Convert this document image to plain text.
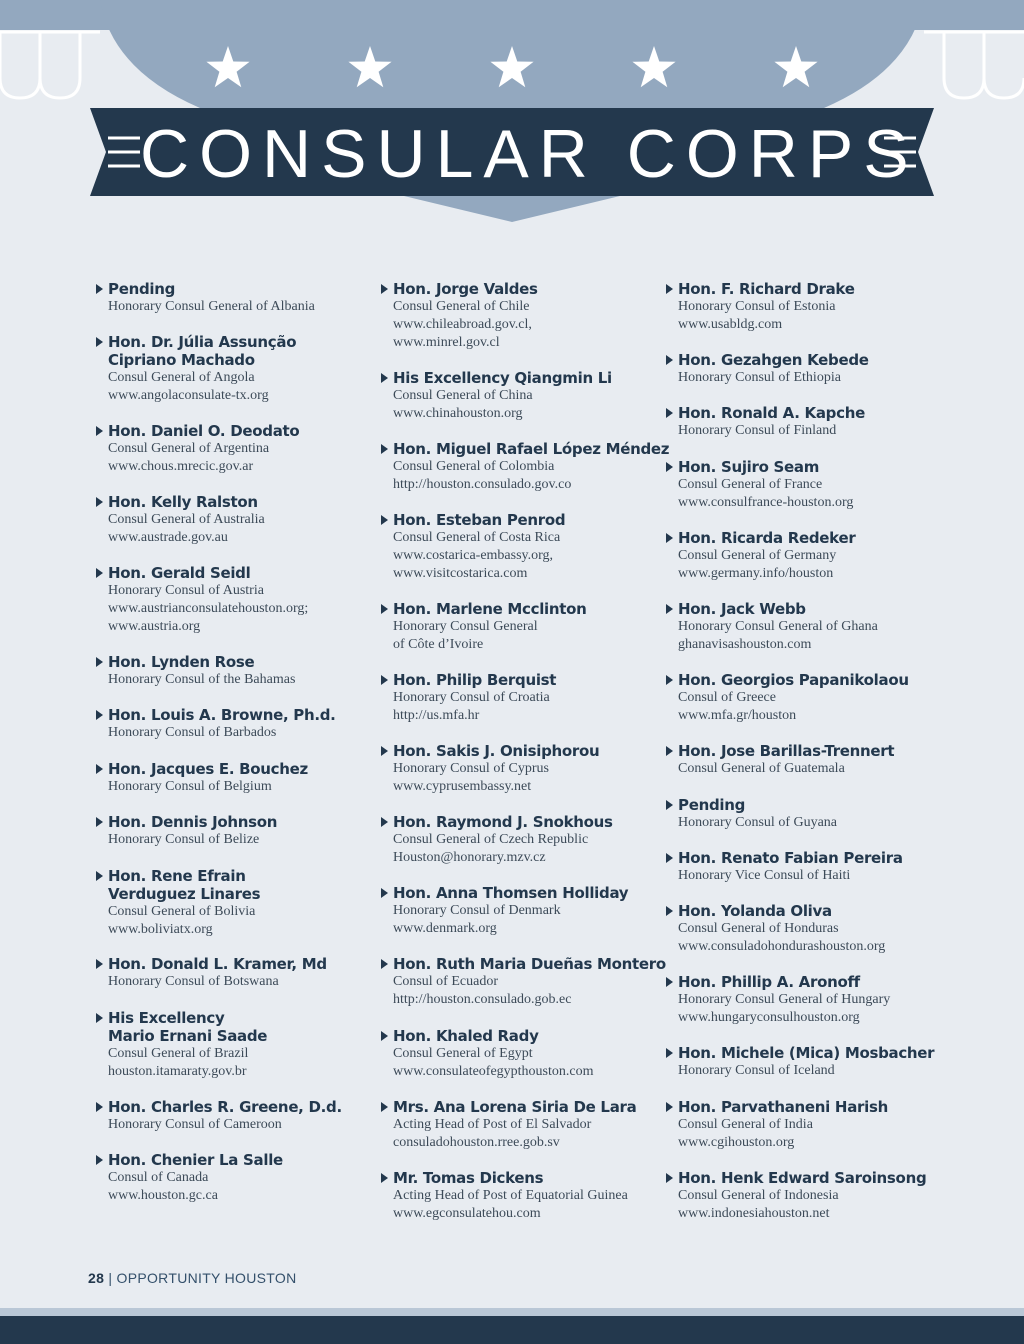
CONSULAR CORPS

Pending

Honorary Consul General of Albania

Hon. Dr. Júlia Assunção
Cipriano Machado

Consul General of Angola

www.angolaconsulate-tx.org

Hon. Daniel O. Deodato

Consul General of Argentina

www.chous.mrecic.gov.ar

Hon. Kelly Ralston

Consul General of Australia

www.austrade.gov.au

Hon. Gerald Seidl

Honorary Consul of Austria

www.austrianconsulatehouston.org;

www.austria.org

Hon. Lynden Rose

Honorary Consul of the Bahamas

Hon. Louis A. Browne, Ph.d.

Honorary Consul of Barbados

Hon. Jacques E. Bouchez

Honorary Consul of Belgium

Hon. Dennis Johnson

Honorary Consul of Belize

Hon. Rene Efrain
Verduguez Linares

Consul General of Bolivia

www.boliviatx.org

Hon. Donald L. Kramer, Md

Honorary Consul of Botswana

His Excellency
Mario Ernani Saade

Consul General of Brazil

houston.itamaraty.gov.br

Hon. Charles R. Greene, D.d.

Honorary Consul of Cameroon

Hon. Chenier La Salle

Consul of Canada

www.houston.gc.ca

Hon. Jorge Valdes

Consul General of Chile

www.chileabroad.gov.cl,

www.minrel.gov.cl

His Excellency Qiangmin Li

Consul General of China

www.chinahouston.org

Hon. Miguel Rafael López Méndez

Consul General of Colombia

http://houston.consulado.gov.co

Hon. Esteban Penrod

Consul General of Costa Rica

www.costarica-embassy.org,

www.visitcostarica.com

Hon. Marlene Mcclinton

Honorary Consul General

of Côte d’Ivoire

Hon. Philip Berquist

Honorary Consul of Croatia

http://us.mfa.hr

Hon. Sakis J. Onisiphorou

Honorary Consul of Cyprus

www.cyprusembassy.net

Hon. Raymond J. Snokhous

Consul General of Czech Republic

Houston@honorary.mzv.cz

Hon. Anna Thomsen Holliday

Honorary Consul of Denmark

www.denmark.org

Hon. Ruth Maria Dueñas Montero

Consul of Ecuador

http://houston.consulado.gob.ec

Hon. Khaled Rady

Consul General of Egypt

www.consulateofegypthouston.com

Mrs. Ana Lorena Siria De Lara

Acting Head of Post of El Salvador

consuladohouston.rree.gob.sv

Mr. Tomas Dickens

Acting Head of Post of Equatorial Guinea

www.egconsulatehou.com

Hon. F. Richard Drake

Honorary Consul of Estonia

www.usabldg.com

Hon. Gezahgen Kebede

Honorary Consul of Ethiopia

Hon. Ronald A. Kapche

Honorary Consul of Finland

Hon. Sujiro Seam

Consul General of France

www.consulfrance-houston.org

Hon. Ricarda Redeker

Consul General of Germany

www.germany.info/houston

Hon. Jack Webb

Honorary Consul General of Ghana

ghanavisashouston.com

Hon. Georgios Papanikolaou

Consul of Greece

www.mfa.gr/houston

Hon. Jose Barillas-Trennert

Consul General of Guatemala

Pending

Honorary Consul of Guyana

Hon. Renato Fabian Pereira

Honorary Vice Consul of Haiti

Hon. Yolanda Oliva

Consul General of Honduras

www.consuladohondurashouston.org

Hon. Phillip A. Aronoff

Honorary Consul General of Hungary

www.hungaryconsulhouston.org

Hon. Michele (Mica) Mosbacher

Honorary Consul of Iceland

Hon. Parvathaneni Harish

Consul General of India

www.cgihouston.org

Hon. Henk Edward Saroinsong

Consul General of Indonesia

www.indonesiahouston.net

28 | OPPORTUNITY HOUSTON
